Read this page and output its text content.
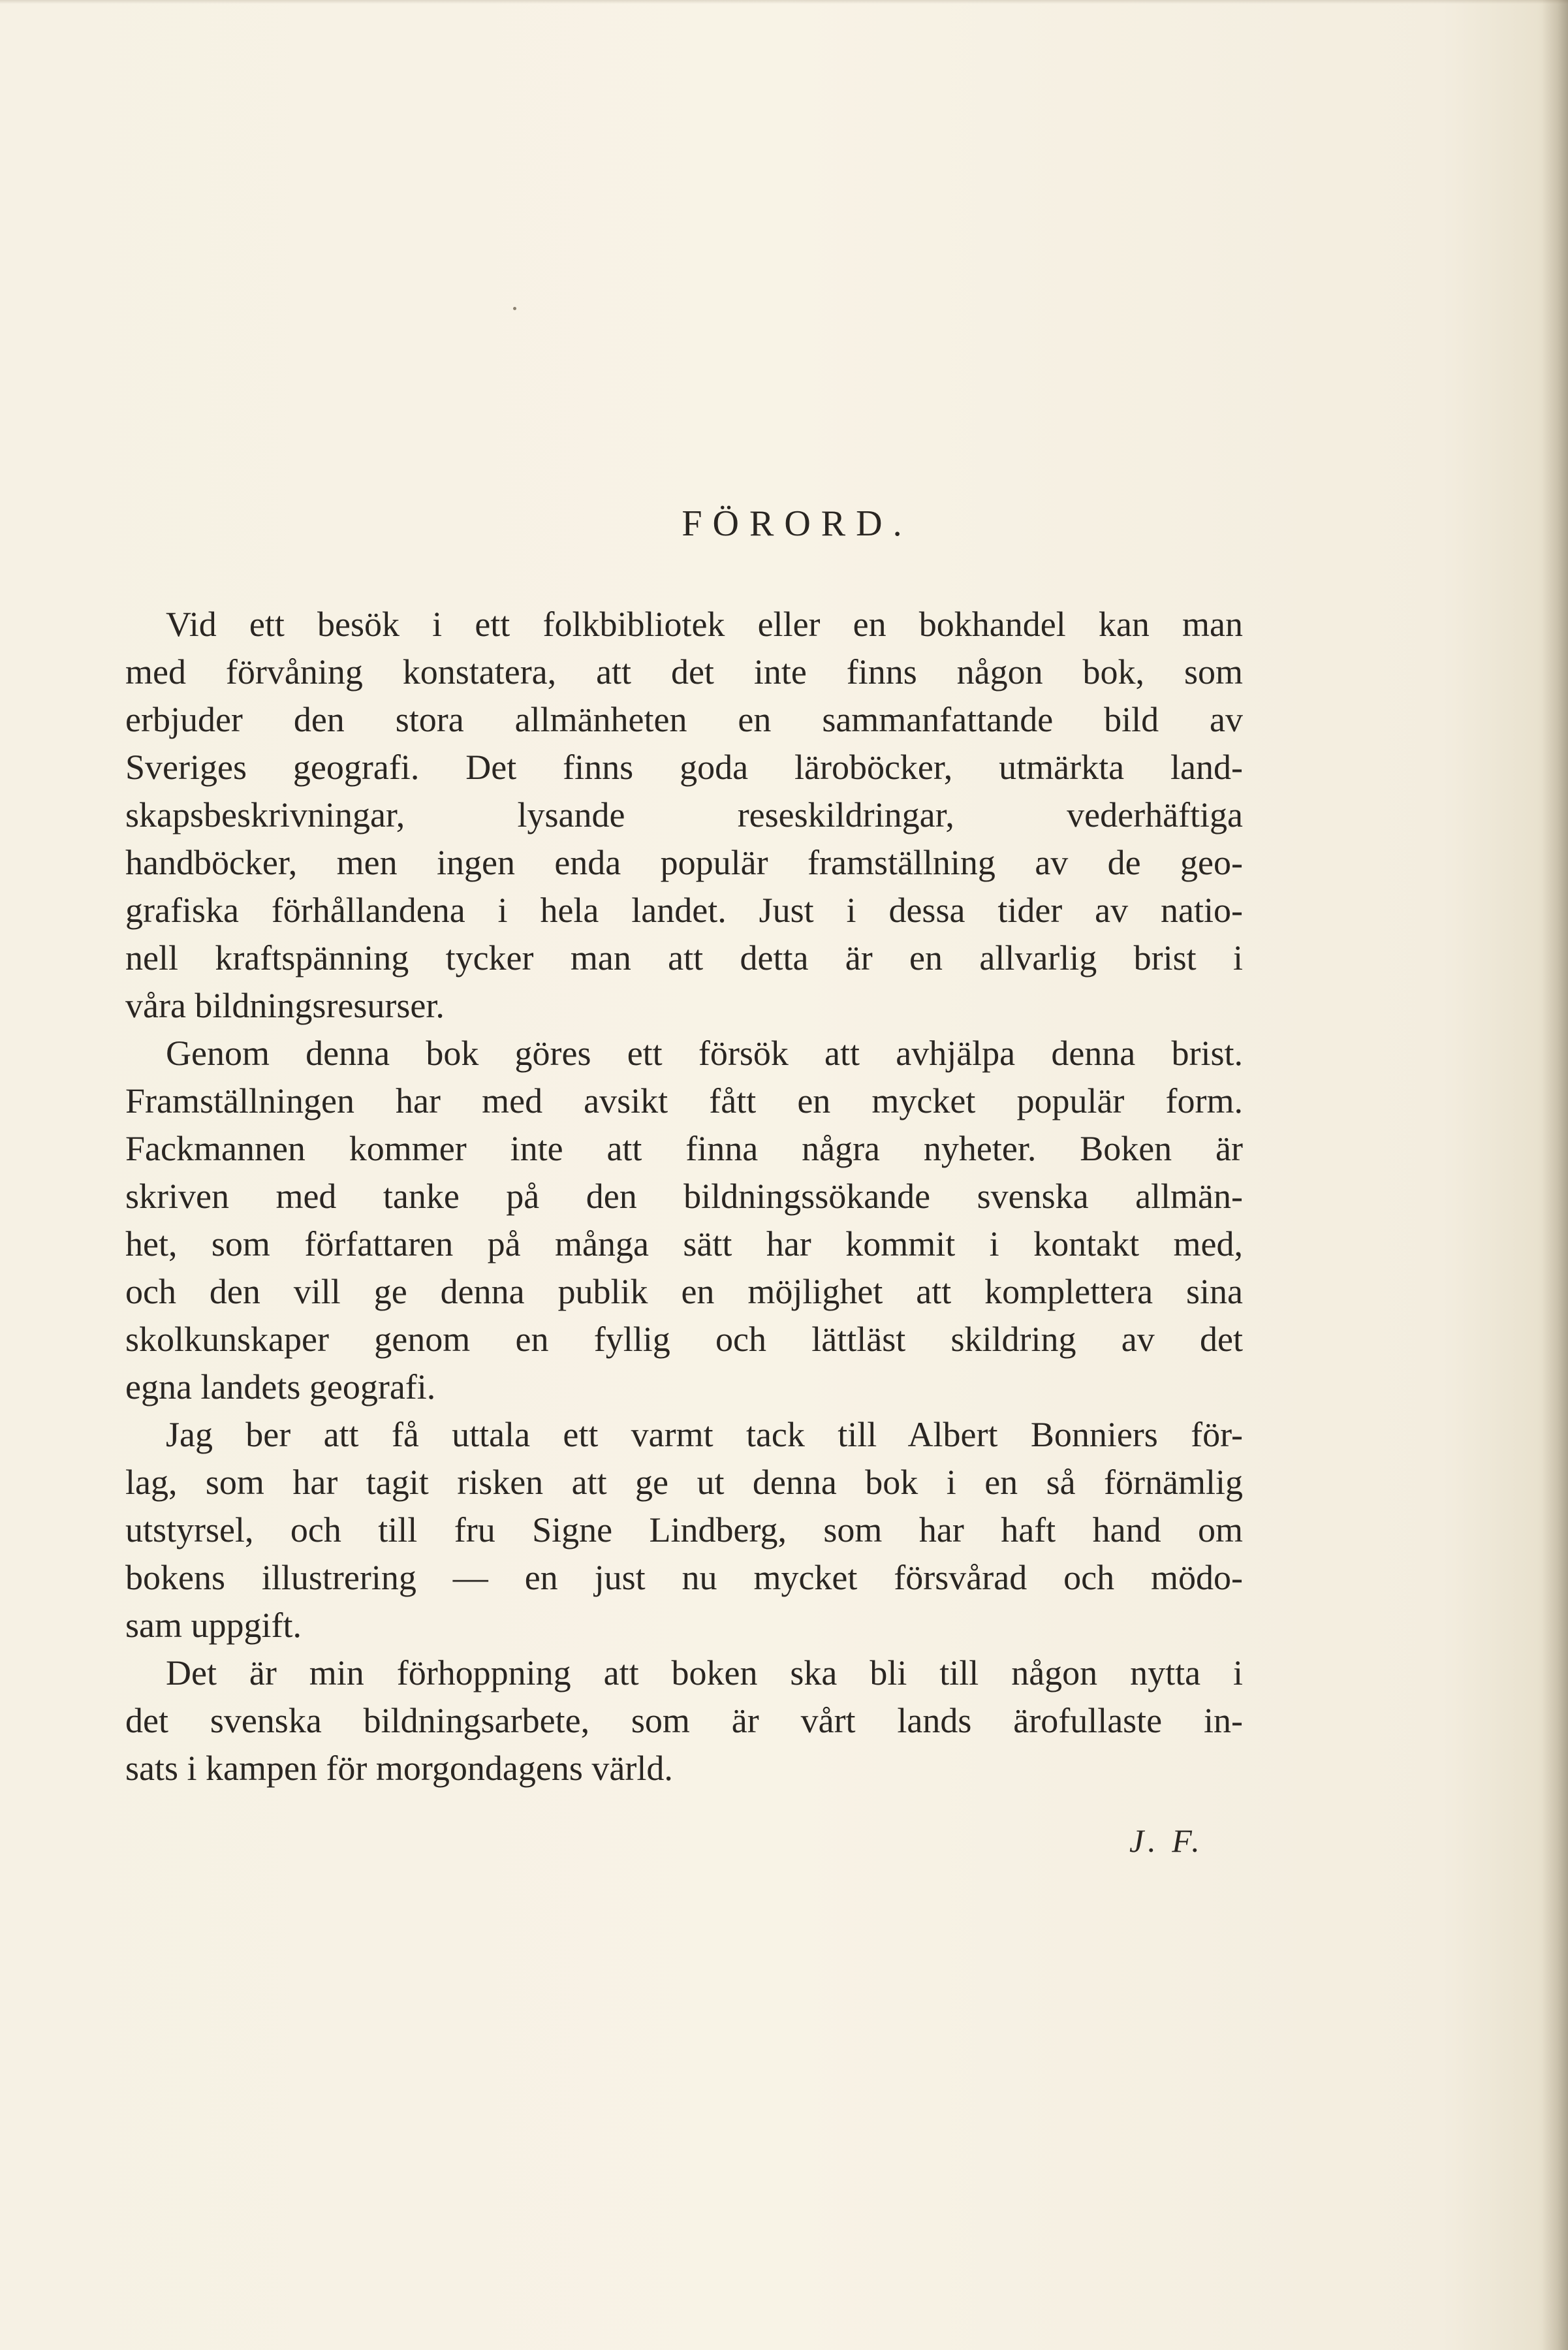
FÖRORD.
Vid ett besök i ett folkbibliotek eller en bokhandel kan man
med förvåning konstatera, att det inte finns någon bok, som
erbjuder den stora allmänheten en sammanfattande bild av
Sveriges geografi. Det finns goda läroböcker, utmärkta land-
skapsbeskrivningar, lysande reseskildringar, vederhäftiga
handböcker, men ingen enda populär framställning av de geo-
grafiska förhållandena i hela landet. Just i dessa tider av natio-
nell kraftspänning tycker man att detta är en allvarlig brist i
våra bildningsresurser.
Genom denna bok göres ett försök att avhjälpa denna brist.
Framställningen har med avsikt fått en mycket populär form.
Fackmannen kommer inte att finna några nyheter. Boken är
skriven med tanke på den bildningssökande svenska allmän-
het, som författaren på många sätt har kommit i kontakt med,
och den vill ge denna publik en möjlighet att komplettera sina
skolkunskaper genom en fyllig och lättläst skildring av det
egna landets geografi.
Jag ber att få uttala ett varmt tack till Albert Bonniers för-
lag, som har tagit risken att ge ut denna bok i en så förnämlig
utstyrsel, och till fru Signe Lindberg, som har haft hand om
bokens illustrering — en just nu mycket försvårad och mödo-
sam uppgift.
Det är min förhoppning att boken ska bli till någon nytta i
det svenska bildningsarbete, som är vårt lands ärofullaste in-
sats i kampen för morgondagens värld.
J. F.
